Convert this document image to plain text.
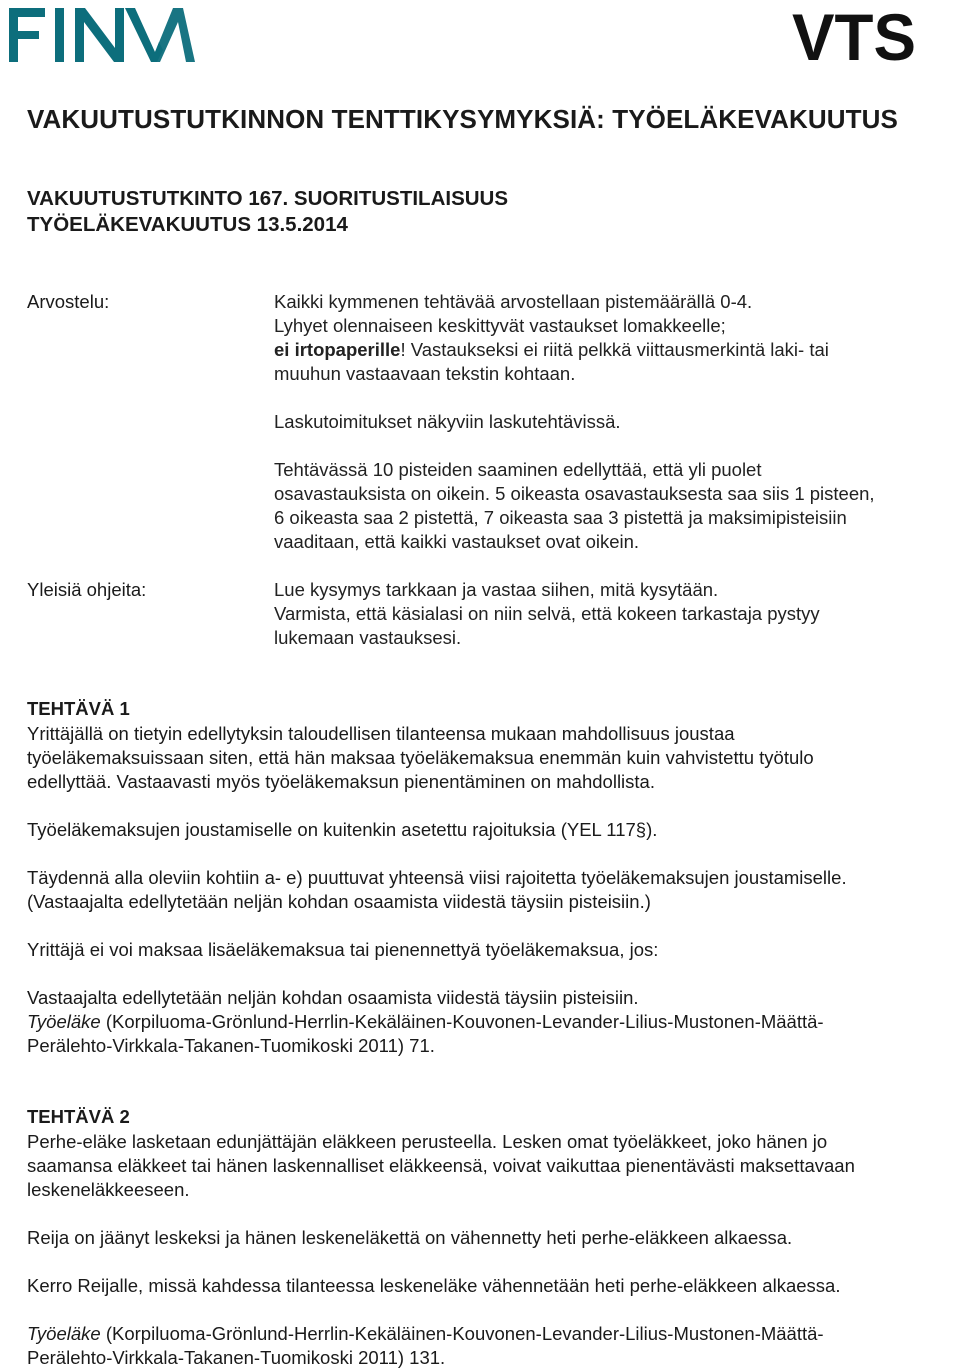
FINVA	VTS
VAKUUTUSTUTKINNON TENTTIKYSYMYKSIÄ: TYÖELÄKEVAKUUTUS
VAKUUTUSTUTKINTO 167. SUORITUSTILAISUUS
TYÖELÄKEVAKUUTUS 13.5.2014
Arvostelu:	Kaikki kymmenen tehtävää arvostellaan pistemäärällä 0-4.
Lyhyet olennaiseen keskittyvät vastaukset lomakkeelle;
ei irtopaperille! Vastaukseksi ei riitä pelkkä viittausmerkintä laki- tai
muuhun vastaavaan tekstin kohtaan.
Laskutoimitukset näkyviin laskutehtävissä.
Tehtävässä 10 pisteiden saaminen edellyttää, että yli puolet
osavastauksista on oikein. 5 oikeasta osavastauksesta saa siis 1 pisteen,
6 oikeasta saa 2 pistettä, 7 oikeasta saa 3 pistettä ja maksimipisteisiin
vaaditaan, että kaikki vastaukset ovat oikein.
Yleisiä ohjeita:	Lue kysymys tarkkaan ja vastaa siihen, mitä kysytään.
Varmista, että käsialasi on niin selvä, että kokeen tarkastaja pystyy
lukemaan vastauksesi.
TEHTÄVÄ 1
Yrittäjällä on tietyin edellytyksin taloudellisen tilanteensa mukaan mahdollisuus joustaa
työeläkemaksuissaan siten, että hän maksaa työeläkemaksua enemmän kuin vahvistettu työtulo
edellyttää. Vastaavasti myös työeläkemaksun pienentäminen on mahdollista.
Työeläkemaksujen joustamiselle on kuitenkin asetettu rajoituksia (YEL 117§).
Täydennä alla oleviin kohtiin a- e) puuttuvat yhteensä viisi rajoitetta työeläkemaksujen joustamiselle.
(Vastaajalta edellytetään neljän kohdan osaamista viidestä täysiin pisteisiin.)
Yrittäjä ei voi maksaa lisäeläkemaksua tai pienennettyä työeläkemaksua, jos:
Vastaajalta edellytetään neljän kohdan osaamista viidestä täysiin pisteisiin.
Työeläke (Korpiluoma-Grönlund-Herrlin-Kekäläinen-Kouvonen-Levander-Lilius-Mustonen-Määttä-
Perälehto-Virkkala-Takanen-Tuomikoski 2011) 71.
TEHTÄVÄ 2
Perhe-eläke lasketaan edunjättäjän eläkkeen perusteella. Lesken omat työeläkkeet, joko hänen jo
saamansa eläkkeet tai hänen laskennalliset eläkkeensä, voivat vaikuttaa pienentävästi maksettavaan
leskeneläkkeeseen.
Reija on jäänyt leskeksi ja hänen leskeneläkettä on vähennetty heti perhe-eläkkeen alkaessa.
Kerro Reijalle, missä kahdessa tilanteessa leskeneläke vähennetään heti perhe-eläkkeen alkaessa.
Työeläke (Korpiluoma-Grönlund-Herrlin-Kekäläinen-Kouvonen-Levander-Lilius-Mustonen-Määttä-
Perälehto-Virkkala-Takanen-Tuomikoski 2011) 131.
